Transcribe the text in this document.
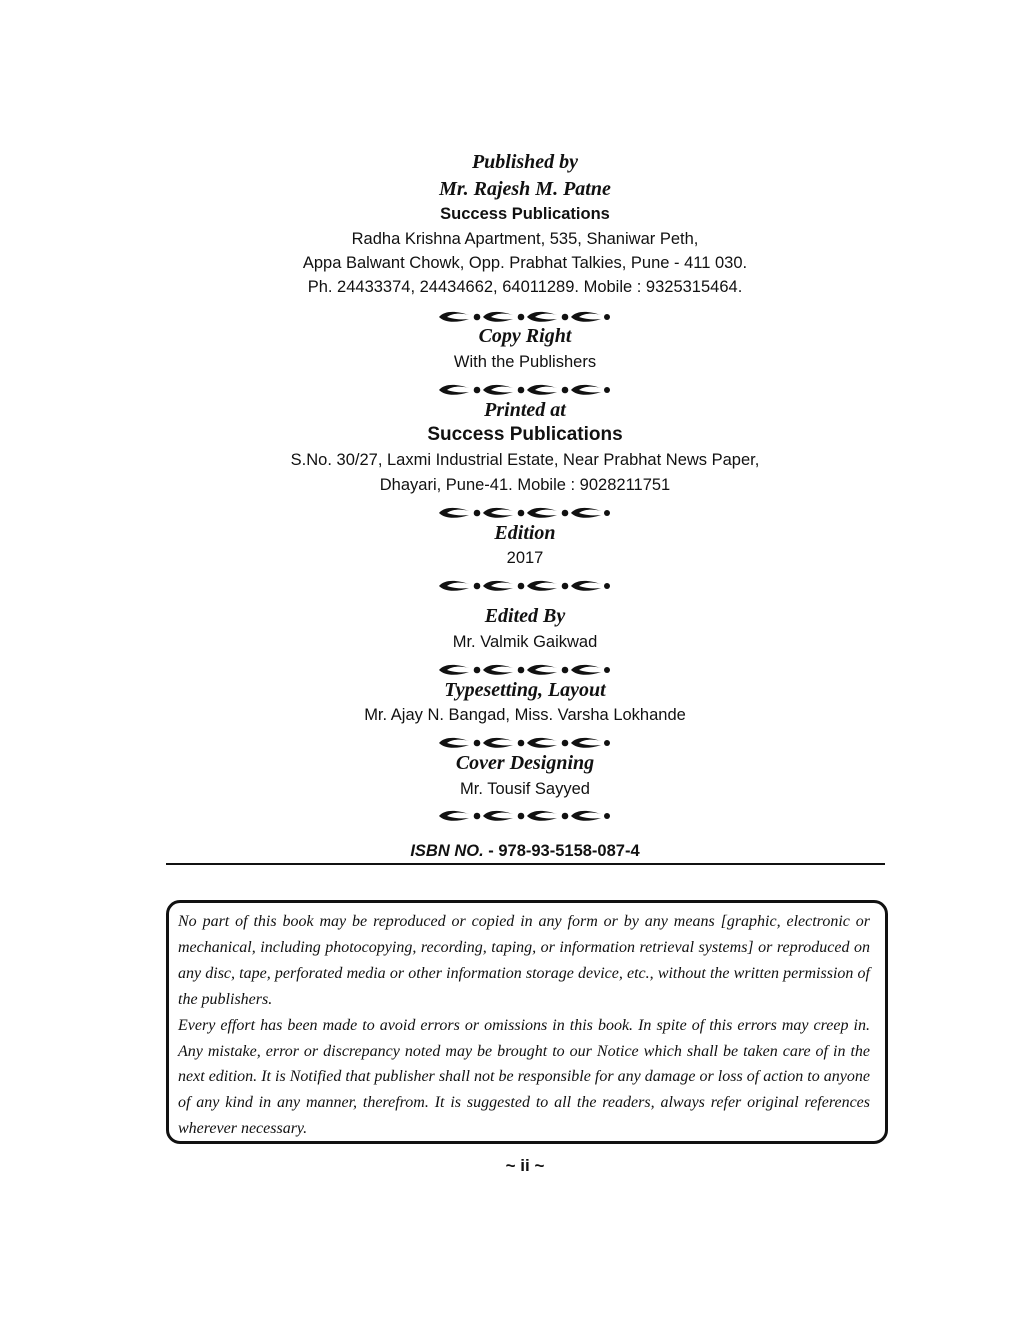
Published by
Mr. Rajesh M. Patne
Success Publications
Radha Krishna Apartment, 535, Shaniwar Peth,
Appa Balwant Chowk, Opp. Prabhat Talkies, Pune - 411 030.
Ph. 24433374, 24434662, 64011289. Mobile : 9325315464.
Copy Right
With the Publishers
Printed at
Success Publications
S.No. 30/27, Laxmi Industrial Estate, Near Prabhat News Paper,
Dhayari, Pune-41. Mobile : 9028211751
Edition
2017
Edited By
Mr. Valmik Gaikwad
Typesetting, Layout
Mr. Ajay N. Bangad, Miss. Varsha Lokhande
Cover Designing
Mr. Tousif Sayyed
ISBN NO. - 978-93-5158-087-4

No part of this book may be reproduced or copied in any form or by any means [graphic, electronic or mechanical, including photocopying, recording, taping, or information retrieval systems] or reproduced on any disc, tape, perforated media or other information storage device, etc., without the written permission of the publishers.

Every effort has been made to avoid errors or omissions in this book. In spite of this errors may creep in. Any mistake, error or discrepancy noted may be brought to our Notice which shall be taken care of in the next edition. It is Notified that publisher shall not be responsible for any damage or loss of action to anyone of any kind in any manner, therefrom. It is suggested to all the readers, always refer original references wherever necessary.

~ ii ~
